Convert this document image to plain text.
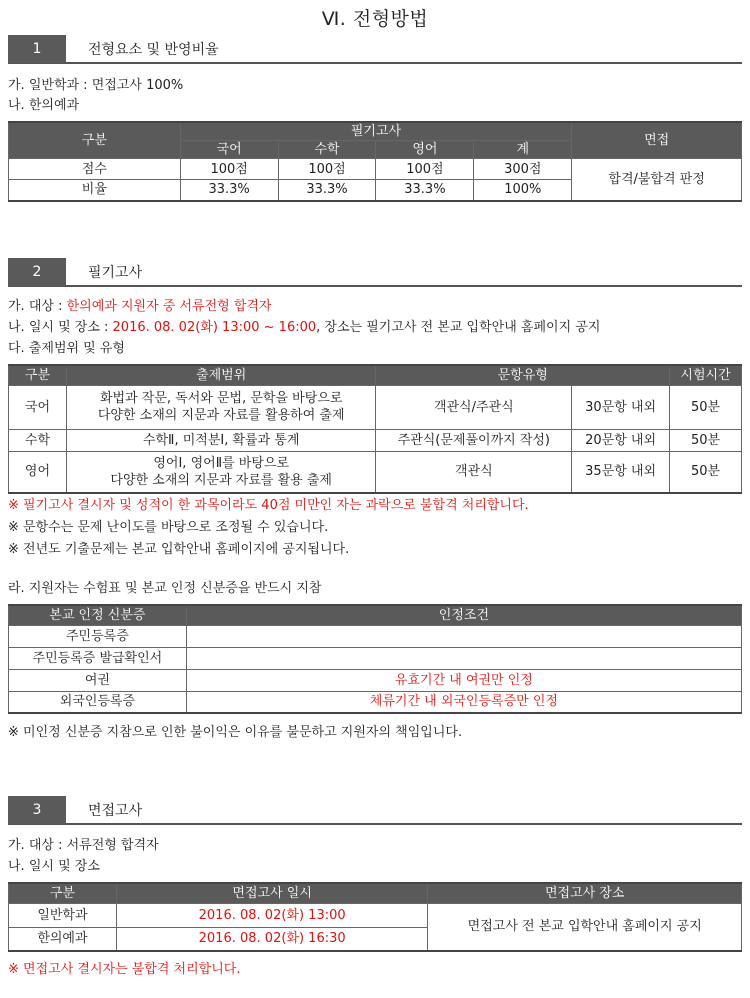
Ⅵ. 전형방법
1	전형요소 및 반영비율
가. 일반학과 : 면접고사 100%
나. 한의예과
구분	필기고사				면접
	국어	수학	영어	계	
점수	100점	100점	100점	300점	합격/불합격 판정
비율	33.3%	33.3%	33.3%	100%	
2	필기고사
가. 대상 : 한의예과 지원자 중 서류전형 합격자
나. 일시 및 장소 : 2016. 08. 02(화) 13:00 ~ 16:00, 장소는 필기고사 전 본교 입학안내 홈페이지 공지
다. 출제범위 및 유형
구분	출제범위	문항유형		시험시간
국어	화법과 작문, 독서와 문법, 문학을 바탕으로
다양한 소재의 지문과 자료를 활용하여 출제	객관식/주관식	30문항 내외	50분
수학	수학Ⅱ, 미적분Ⅰ, 확률과 통계	주관식(문제풀이까지 작성)	20문항 내외	50분
영어	영어Ⅰ, 영어Ⅱ를 바탕으로
다양한 소재의 지문과 자료를 활용 출제	객관식	35문항 내외	50분
※ 필기고사 결시자 및 성적이 한 과목이라도 40점 미만인 자는 과락으로 불합격 처리합니다.
※ 문항수는 문제 난이도를 바탕으로 조정될 수 있습니다.
※ 전년도 기출문제는 본교 입학안내 홈페이지에 공지됩니다.
라. 지원자는 수험표 및 본교 인정 신분증을 반드시 지참
본교 인정 신분증	인정조건
주민등록증	
주민등록증 발급확인서	
여권	유효기간 내 여권만 인정
외국인등록증	체류기간 내 외국인등록증만 인정
※ 미인정 신분증 지참으로 인한 불이익은 이유를 불문하고 지원자의 책임입니다.
3	면접고사
가. 대상 : 서류전형 합격자
나. 일시 및 장소
구분	면접고사 일시	면접고사 장소
일반학과	2016. 08. 02(화) 13:00	면접고사 전 본교 입학안내 홈페이지 공지
한의예과	2016. 08. 02(화) 16:30	
※ 면접고사 결시자는 불합격 처리합니다.
